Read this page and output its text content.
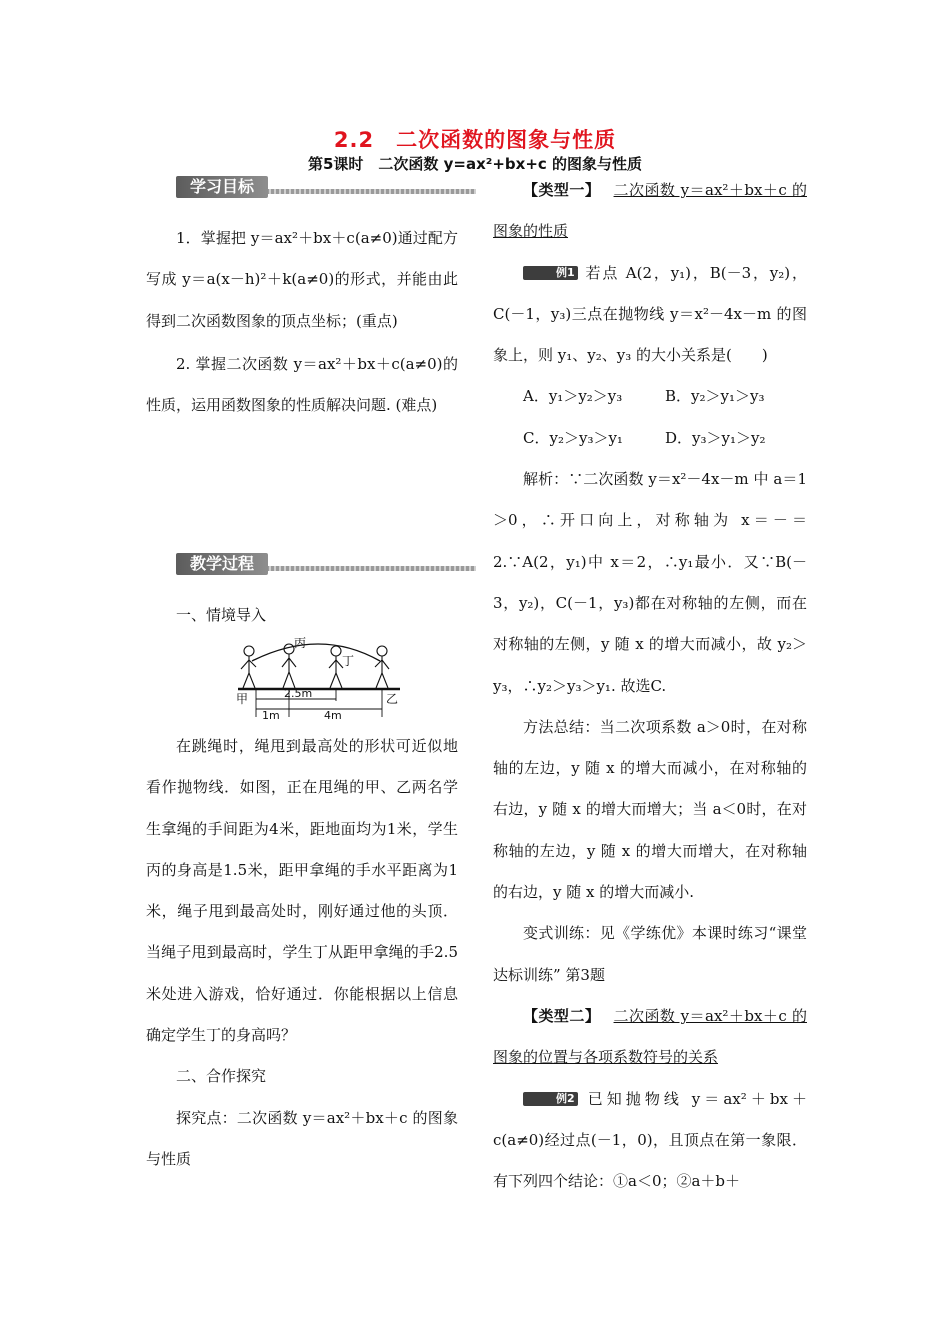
2.2　二次函数的图象与性质
第5课时　二次函数 y=ax²+bx+c 的图象与性质
学习目标
教学过程

1．掌握把 y＝ax²＋bx＋c(a≠0)通过配方写成 y＝a(x－h)²＋k(a≠0)的形式，并能由此得到二次函数图象的顶点坐标；(重点)

2. 掌握二次函数 y＝ax²＋bx＋c(a≠0)的性质，运用函数图象的性质解决问题. (难点)

一、情境导入

甲	乙
丙
丁
2.5m
1m	4m

在跳绳时，绳甩到最高处的形状可近似地看作抛物线．如图，正在甩绳的甲、乙两名学生拿绳的手间距为4米，距地面均为1米，学生丙的身高是1.5米，距甲拿绳的手水平距离为1米，绳子甩到最高处时，刚好通过他的头顶．当绳子甩到最高时，学生丁从距甲拿绳的手2.5米处进入游戏，恰好通过．你能根据以上信息确定学生丁的身高吗？

二、合作探究

探究点：二次函数 y＝ax²＋bx＋c 的图象与性质

【类型一】 二次函数 y＝ax²＋bx＋c 的图象的性质

例1 若点 A(2，y₁)，B(－3，y₂)，C(－1，y₃)三点在抛物线 y＝x²－4x－m 的图象上，则 y₁、y₂、y₃ 的大小关系是(　　)

A．y₁＞y₂＞y₃	B．y₂＞y₁＞y₃
C．y₂＞y₃＞y₁	D．y₃＞y₁＞y₂

解析：∵二次函数 y＝x²－4x－m 中 a＝1＞0，∴开口向上，对称轴为 x＝－＝2.∵A(2，y₁)中 x＝2，∴y₁最小．又∵B(－3，y₂)，C(－1，y₃)都在对称轴的左侧，而在对称轴的左侧，y 随 x 的增大而减小，故 y₂＞y₃，∴y₂＞y₃＞y₁. 故选C.

方法总结：当二次项系数 a＞0时，在对称轴的左边，y 随 x 的增大而减小，在对称轴的右边，y 随 x 的增大而增大；当 a＜0时，在对称轴的左边，y 随 x 的增大而增大，在对称轴的右边，y 随 x 的增大而减小.

变式训练：见《学练优》本课时练习“课堂达标训练” 第3题

【类型二】 二次函数 y＝ax²＋bx＋c 的图象的位置与各项系数符号的关系

例2 已知抛物线 y＝ax²＋bx＋c(a≠0)经过点(－1，0)，且顶点在第一象限．有下列四个结论：①a＜0；②a＋b＋
